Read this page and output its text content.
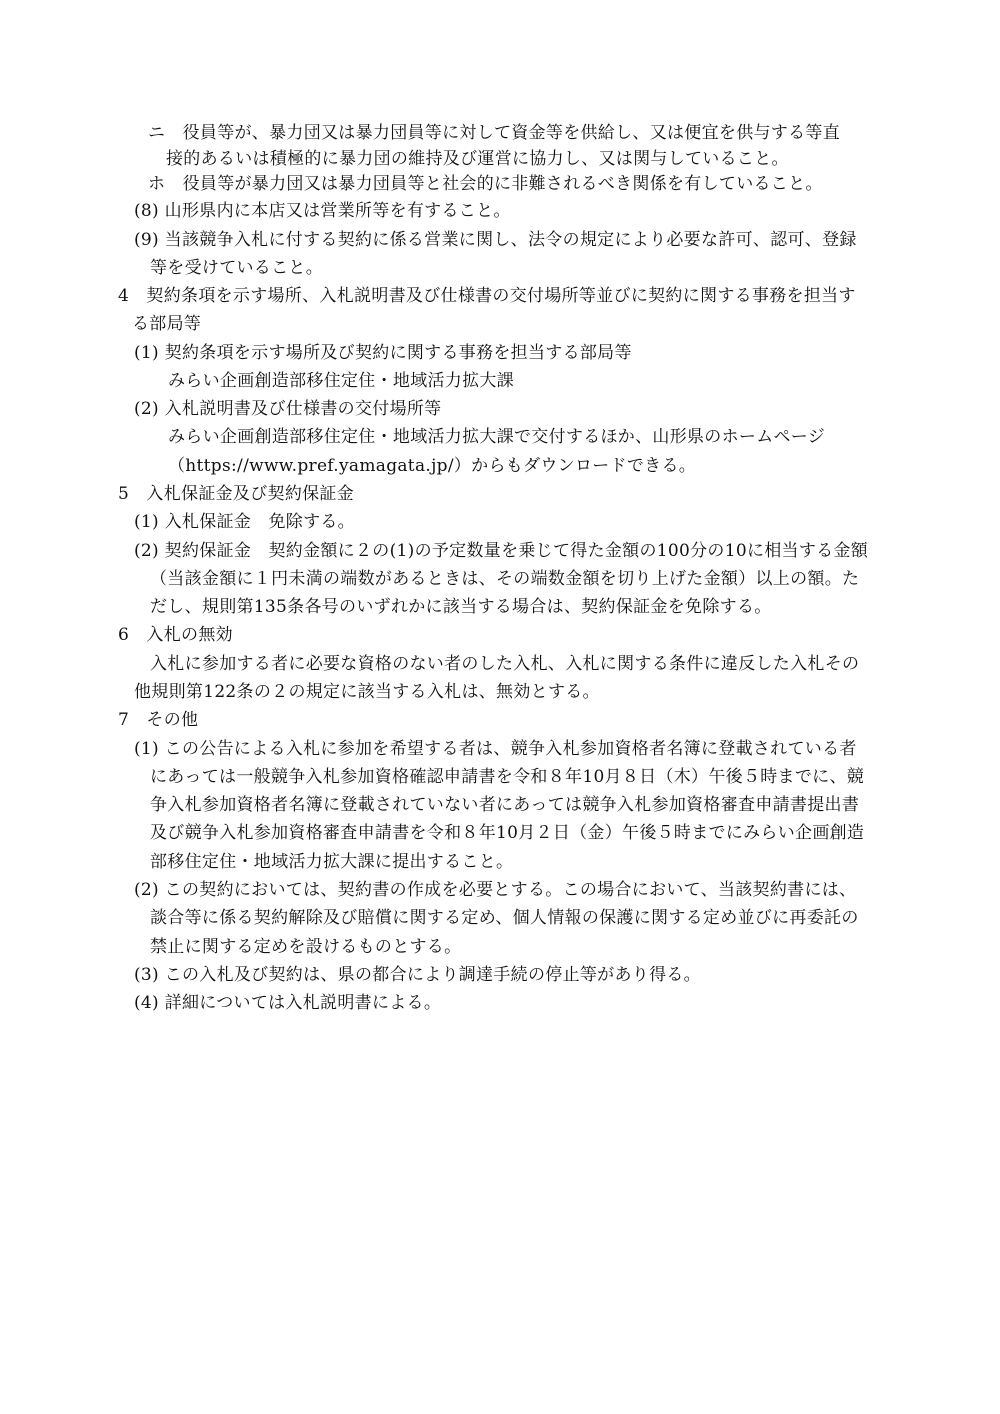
ニ　役員等が、暴力団又は暴力団員等に対して資金等を供給し、又は便宜を供与する等直
接的あるいは積極的に暴力団の維持及び運営に協力し、又は関与していること。
ホ　役員等が暴力団又は暴力団員等と社会的に非難されるべき関係を有していること。
(8) 山形県内に本店又は営業所等を有すること。
(9) 当該競争入札に付する契約に係る営業に関し、法令の規定により必要な許可、認可、登録
等を受けていること。
4　契約条項を示す場所、入札説明書及び仕様書の交付場所等並びに契約に関する事務を担当す
る部局等
(1) 契約条項を示す場所及び契約に関する事務を担当する部局等
みらい企画創造部移住定住・地域活力拡大課
(2) 入札説明書及び仕様書の交付場所等
みらい企画創造部移住定住・地域活力拡大課で交付するほか、山形県のホームページ
（https://www.pref.yamagata.jp/）からもダウンロードできる。
5　入札保証金及び契約保証金
(1) 入札保証金　免除する。
(2) 契約保証金　契約金額に２の(1)の予定数量を乗じて得た金額の100分の10に相当する金額
（当該金額に１円未満の端数があるときは、その端数金額を切り上げた金額）以上の額。た
だし、規則第135条各号のいずれかに該当する場合は、契約保証金を免除する。
6　入札の無効
入札に参加する者に必要な資格のない者のした入札、入札に関する条件に違反した入札その
他規則第122条の２の規定に該当する入札は、無効とする。
7　その他
(1) この公告による入札に参加を希望する者は、競争入札参加資格者名簿に登載されている者
にあっては一般競争入札参加資格確認申請書を令和８年10月８日（木）午後５時までに、競
争入札参加資格者名簿に登載されていない者にあっては競争入札参加資格審査申請書提出書
及び競争入札参加資格審査申請書を令和８年10月２日（金）午後５時までにみらい企画創造
部移住定住・地域活力拡大課に提出すること。
(2) この契約においては、契約書の作成を必要とする。この場合において、当該契約書には、
談合等に係る契約解除及び賠償に関する定め、個人情報の保護に関する定め並びに再委託の
禁止に関する定めを設けるものとする。
(3) この入札及び契約は、県の都合により調達手続の停止等があり得る。
(4) 詳細については入札説明書による。
